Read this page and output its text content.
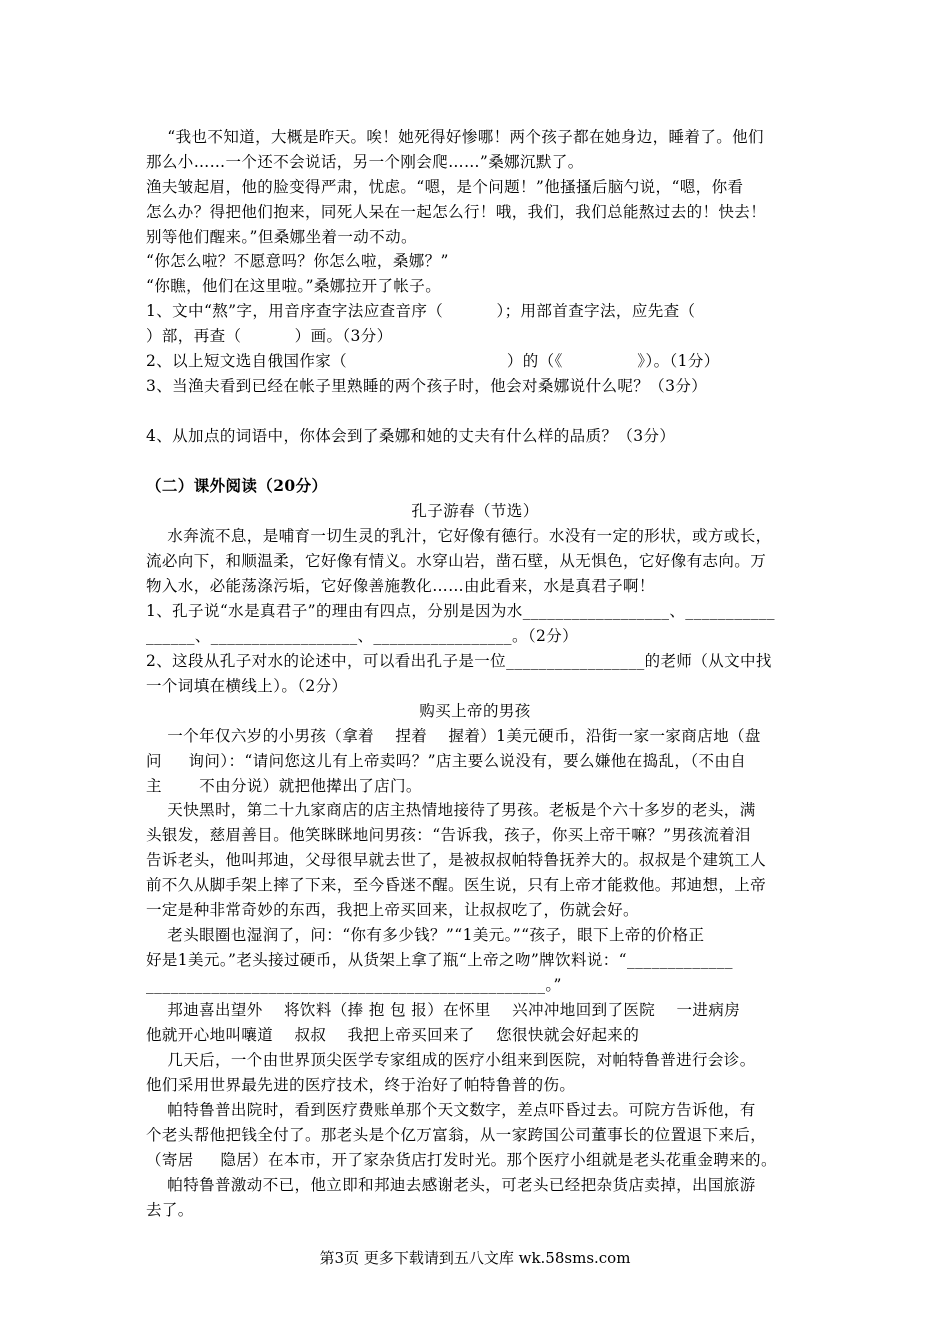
“我也不知道，大概是昨天。唉！她死得好惨哪！两个孩子都在她身边，睡着了。他们
那么小……一个还不会说话，另一个刚会爬……”桑娜沉默了。
渔夫皱起眉，他的脸变得严肃，忧虑。“嗯，是个问题！”他搔搔后脑勺说，“嗯，你看
怎么办？得把他们抱来，同死人呆在一起怎么行！哦，我们，我们总能熬过去的！快去！
别等他们醒来。”但桑娜坐着一动不动。
“你怎么啦？不愿意吗？你怎么啦，桑娜？”
“你瞧，他们在这里啦。”桑娜拉开了帐子。
1、文中“熬”字，用音序查字法应查音序（          ）；用部首查字法，应先查（
）部，再查（          ）画。（3分）
2、以上短文选自俄国作家（                              ）的（《              》）。（1分）
3、当渔夫看到已经在帐子里熟睡的两个孩子时，他会对桑娜说什么呢？（3分）
4、从加点的词语中，你体会到了桑娜和她的丈夫有什么样的品质？（3分）
（二）课外阅读（20分）
孔子游春（节选）
水奔流不息，是哺育一切生灵的乳汁，它好像有德行。水没有一定的形状，或方或长，
流必向下，和顺温柔，它好像有情义。水穿山岩，凿石壁，从无惧色，它好像有志向。万
物入水，必能荡涤污垢，它好像善施教化……由此看来，水是真君子啊！
1、孔子说“水是真君子”的理由有四点，分别是因为水__________________、___________
______、__________________、_________________。（2分）
2、这段从孔子对水的论述中，可以看出孔子是一位_________________的老师（从文中找
一个词填在横线上）。（2分）
购买上帝的男孩
一个年仅六岁的小男孩（拿着    捏着    握着）1美元硬币，沿街一家一家商店地（盘
问     询问）：“请问您这儿有上帝卖吗？”店主要么说没有，要么嫌他在捣乱，（不由自
主       不由分说）就把他撵出了店门。
天快黑时，第二十九家商店的店主热情地接待了男孩。老板是个六十多岁的老头，满
头银发，慈眉善目。他笑眯眯地问男孩：“告诉我，孩子，你买上帝干嘛？”男孩流着泪
告诉老头，他叫邦迪，父母很早就去世了，是被叔叔帕特鲁抚养大的。叔叔是个建筑工人
前不久从脚手架上摔了下来，至今昏迷不醒。医生说，只有上帝才能救他。邦迪想，上帝
一定是种非常奇妙的东西，我把上帝买回来，让叔叔吃了，伤就会好。
老头眼圈也湿润了，问：“你有多少钱？”“1美元。”“孩子，眼下上帝的价格正
好是1美元。”老头接过硬币，从货架上拿了瓶“上帝之吻”牌饮料说：“_____________
_________________________________________________。”
邦迪喜出望外    将饮料（捧 抱 包 报）在怀里    兴冲冲地回到了医院    一进病房
他就开心地叫嚷道    叔叔    我把上帝买回来了    您很快就会好起来的
几天后，一个由世界顶尖医学专家组成的医疗小组来到医院，对帕特鲁普进行会诊。
他们采用世界最先进的医疗技术，终于治好了帕特鲁普的伤。
帕特鲁普出院时，看到医疗费账单那个天文数字，差点吓昏过去。可院方告诉他，有
个老头帮他把钱全付了。那老头是个亿万富翁，从一家跨国公司董事长的位置退下来后，
（寄居     隐居）在本市，开了家杂货店打发时光。那个医疗小组就是老头花重金聘来的。
帕特鲁普激动不已，他立即和邦迪去感谢老头，可老头已经把杂货店卖掉，出国旅游
去了。
第3页 更多下载请到五八文库 wk.58sms.com
